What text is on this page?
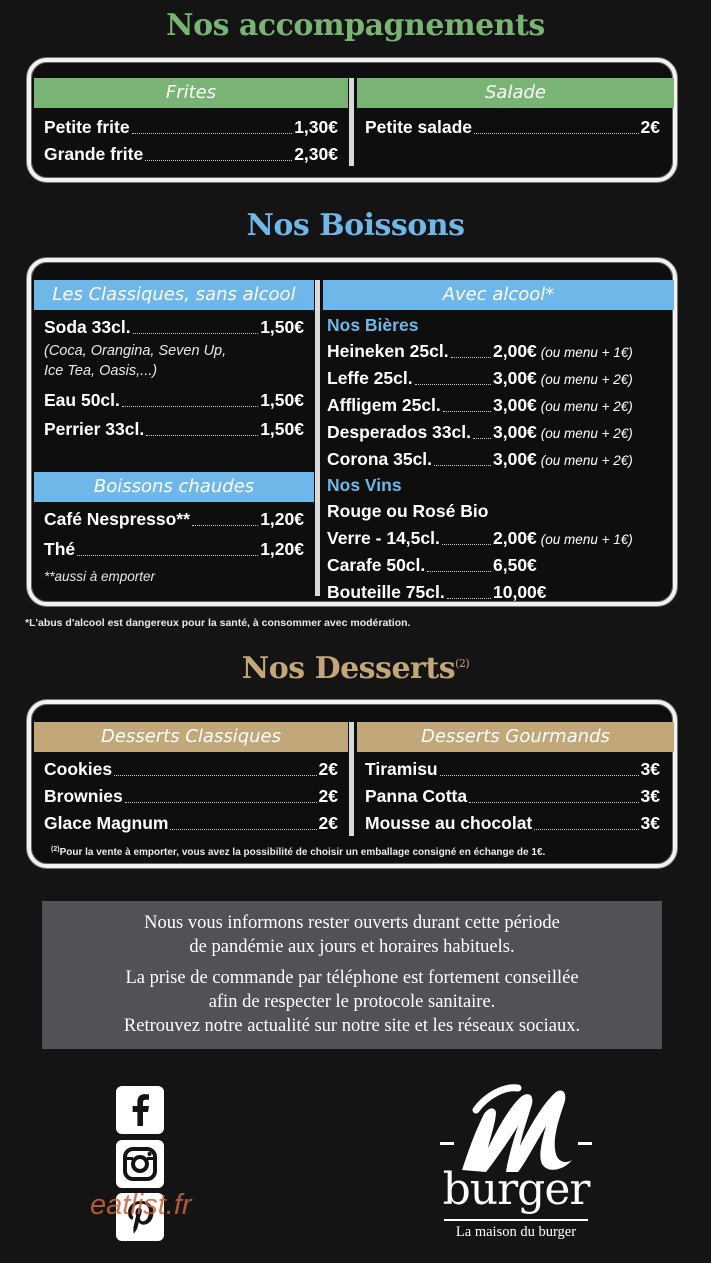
Nos accompagnements
Frites
Petite frite	1,30€
Grande frite	2,30€
Salade
Petite salade	2€
Nos Boissons
Les Classiques, sans alcool
Soda 33cl.	1,50€
(Coca, Orangina, Seven Up,
Ice Tea, Oasis,...)
Eau 50cl.	1,50€
Perrier 33cl.	1,50€
Boissons chaudes
Café Nespresso**	1,20€
Thé	1,20€
**aussi à emporter
Avec alcool*
Nos Bières
Heineken 25cl.	2,00€ (ou menu + 1€)
Leffe 25cl.	3,00€ (ou menu + 2€)
Affligem 25cl.	3,00€ (ou menu + 2€)
Desperados 33cl. 3,00€ (ou menu + 2€)
Corona 35cl.	3,00€ (ou menu + 2€)
Nos Vins
Rouge ou Rosé Bio
Verre - 14,5cl.	2,00€ (ou menu + 1€)
Carafe 50cl.	6,50€
Bouteille 75cl.	10,00€
*L'abus d'alcool est dangereux pour la santé, à consommer avec modération.
Nos Desserts$^{(2)}$
Desserts Classiques
Cookies	2€
Brownies	2€
Glace Magnum	2€
Desserts Gourmands
Tiramisu	3€
Panna Cotta	3€
Mousse au chocolat	3€
$^{(2)}$Pour la vente à emporter, vous avez la possibilité de choisir un emballage consigné en échange de 1€.

Nous vous informons rester ouverts durant cette période
de pandémie aux jours et horaires habituels.

La prise de commande par téléphone est fortement conseillée
afin de respecter le protocole sanitaire.
Retrouvez notre actualité sur notre site et les réseaux sociaux.

eatlist.fr	burger
La maison du burger
